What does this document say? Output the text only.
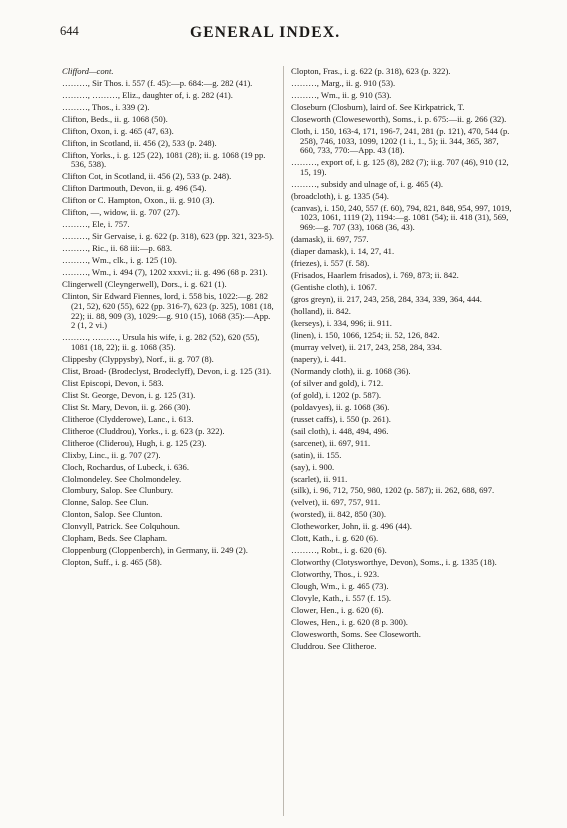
644	GENERAL INDEX.
Clifford—cont.
………, Sir Thos. i. 557 (f. 45):—p. 684:—g. 282 (41).
………, ………, Eliz., daughter of, i. g. 282 (41).
………, Thos., i. 339 (2).
Clifton, Beds., ii. g. 1068 (50).
Clifton, Oxon, i. g. 465 (47, 63).
Clifton, in Scotland, ii. 456 (2), 533 (p. 248).
Clifton, Yorks., i. g. 125 (22), 1081 (28); ii. g. 1068 (19 pp. 536, 538).
Clifton Cot, in Scotland, ii. 456 (2), 533 (p. 248).
Clifton Dartmouth, Devon, ii. g. 496 (54).
Clifton or C. Hampton, Oxon., ii. g. 910 (3).
Clifton, —, widow, ii. g. 707 (27).
………, Ele, i. 757.
………, Sir Gervaise, i. g. 622 (p. 318), 623 (pp. 321, 323-5).
………, Ric., ii. 68 iii:—p. 683.
………, Wm., clk., i. g. 125 (10).
………, Wm., i. 494 (7), 1202 xxxvi.; ii. g. 496 (68 p. 231).
Clingerwell (Cleyngerwell), Dors., i. g. 621 (1).
Clinton, Sir Edward Fiennes, lord, i. 558 bis, 1022:—g. 282 (21, 52), 620 (55), 622 (pp. 316-7), 623 (p. 325), 1081 (18, 22); ii. 88, 909 (3), 1029:—g. 910 (15), 1068 (35):—App. 2 (1, 2 vi.)
………, ………, Ursula his wife, i. g. 282 (52), 620 (55), 1081 (18, 22); ii. g. 1068 (35).
Clippesby (Clyppysby), Norf., ii. g. 707 (8).
Clist, Broad- (Brodeclyst, Brodeclyff), Devon, i. g. 125 (31).
Clist Episcopi, Devon, i. 583.
Clist St. George, Devon, i. g. 125 (31).
Clist St. Mary, Devon, ii. g. 266 (30).
Clitheroe (Clydderowe), Lanc., i. 613.
Clitheroe (Cluddrou), Yorks., i. g. 623 (p. 322).
Clitheroe (Cliderou), Hugh, i. g. 125 (23).
Clixby, Linc., ii. g. 707 (27).
Cloch, Rochardus, of Lubeck, i. 636.
Clolmondeley. See Cholmondeley.
Clombury, Salop. See Clunbury.
Clonne, Salop. See Clun.
Clonton, Salop. See Clunton.
Clonvyll, Patrick. See Colquhoun.
Clopham, Beds. See Clapham.
Cloppenburg (Cloppenberch), in Germany, ii. 249 (2).
Clopton, Suff., i. g. 465 (58).
Clopton, Fras., i. g. 622 (p. 318), 623 (p. 322).
………, Marg., ii. g. 910 (53).
………, Wm., ii. g. 910 (53).
Closeburn (Closburn), laird of. See Kirkpatrick, T.
Closeworth (Cloweseworth), Soms., i. p. 675:—ii. g. 266 (32).
Cloth, i. 150, 163-4, 171, 196-7, 241, 281 (p. 121), 470, 544 (p. 258), 746, 1033, 1099, 1202 (1 i., 1., 5); ii. 344, 365, 387, 660, 733, 770:—App. 43 (18).
………, export of, i. g. 125 (8), 282 (7); ii.g. 707 (46), 910 (12, 15, 19).
………, subsidy and ulnage of, i. g. 465 (4).
(broadcloth), i. g. 1335 (54).
(canvas), i. 150, 240, 557 (f. 60), 794, 821, 848, 954, 997, 1019, 1023, 1061, 1119 (2), 1194:—g. 1081 (54); ii. 418 (31), 569, 969:—g. 707 (33), 1068 (36, 43).
(damask), ii. 697, 757.
(diaper damask), i. 14, 27, 41.
(friezes), i. 557 (f. 58).
(Frisados, Haarlem frisados), i. 769, 873; ii. 842.
(Gentishe cloth), i. 1067.
(gros greyn), ii. 217, 243, 258, 284, 334, 339, 364, 444.
(holland), ii. 842.
(kerseys), i. 334, 996; ii. 911.
(linen), i. 150, 1066, 1254; ii. 52, 126, 842.
(murray velvet), ii. 217, 243, 258, 284, 334.
(napery), i. 441.
(Normandy cloth), ii. g. 1068 (36).
(of silver and gold), i. 712.
(of gold), i. 1202 (p. 587).
(poldavyes), ii. g. 1068 (36).
(russet caffs), i. 550 (p. 261).
(sail cloth), i. 448, 494, 496.
(sarcenet), ii. 697, 911.
(satin), ii. 155.
(say), i. 900.
(scarlet), ii. 911.
(silk), i. 96, 712, 750, 980, 1202 (p. 587); ii. 262, 688, 697.
(velvet), ii. 697, 757, 911.
(worsted), ii. 842, 850 (30).
Clotheworker, John, ii. g. 496 (44).
Clott, Kath., i. g. 620 (6).
………, Robt., i. g. 620 (6).
Clotworthy (Clotysworthye, Devon), Soms., i. g. 1335 (18).
Clotworthy, Thos., i. 923.
Clough, Wm., i. g. 465 (73).
Clovyle, Kath., i. 557 (f. 15).
Clower, Hen., i. g. 620 (6).
Clowes, Hen., i. g. 620 (8 p. 300).
Clowesworth, Soms. See Closeworth.
Cluddrou. See Clitheroe.
